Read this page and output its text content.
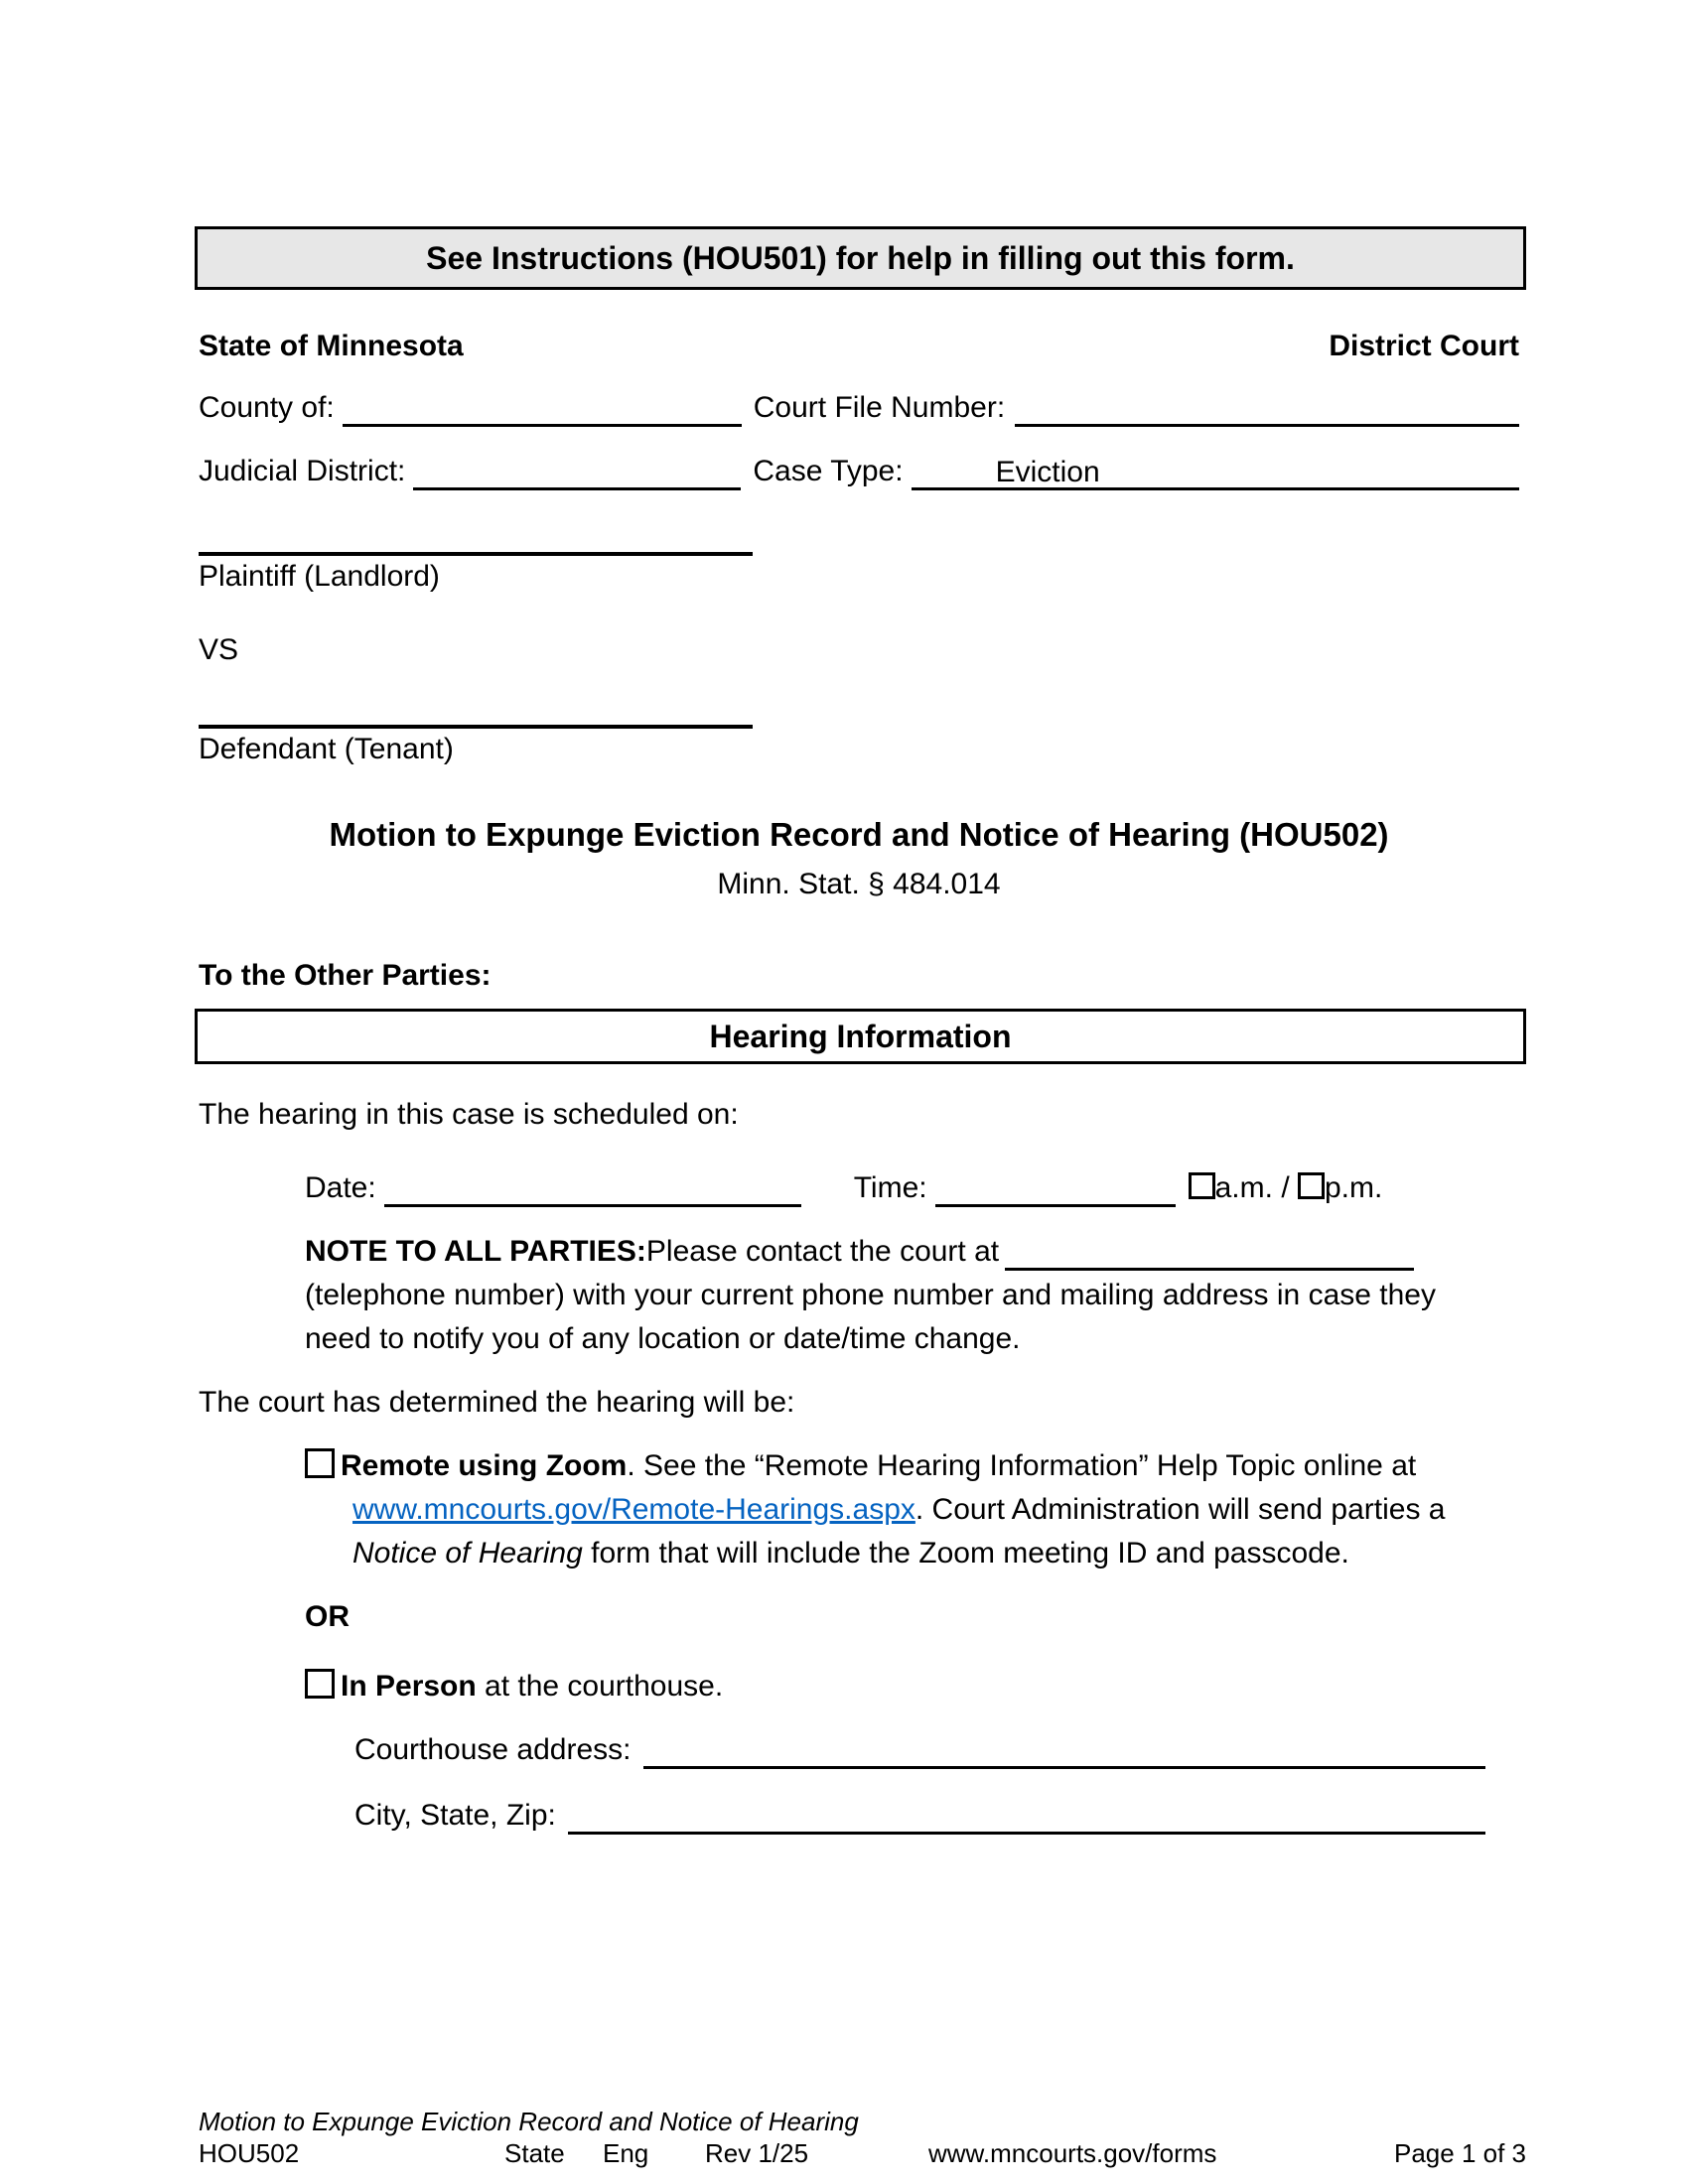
See Instructions (HOU501) for help in filling out this form.
State of Minnesota	District Court
County of:	Court File Number:
Judicial District:	Case Type:	Eviction
Plaintiff (Landlord)
VS
Defendant (Tenant)
Motion to Expunge Eviction Record and Notice of Hearing (HOU502)
Minn. Stat. § 484.014
To the Other Parties:
Hearing Information
The hearing in this case is scheduled on:
Date:	Time:	a.m. / p.m.
NOTE TO ALL PARTIES: Please contact the court at
(telephone number) with your current phone number and mailing address in case they
need to notify you of any location or date/time change.
The court has determined the hearing will be:
Remote using Zoom. See the “Remote Hearing Information” Help Topic online at
www.mncourts.gov/Remote-Hearings.aspx. Court Administration will send parties a
Notice of Hearing form that will include the Zoom meeting ID and passcode.
OR
In Person at the courthouse.
Courthouse address:
City, State, Zip:
Motion to Expunge Eviction Record and Notice of Hearing
HOU502	State Eng Rev 1/25	www.mncourts.gov/forms	Page 1 of 3
